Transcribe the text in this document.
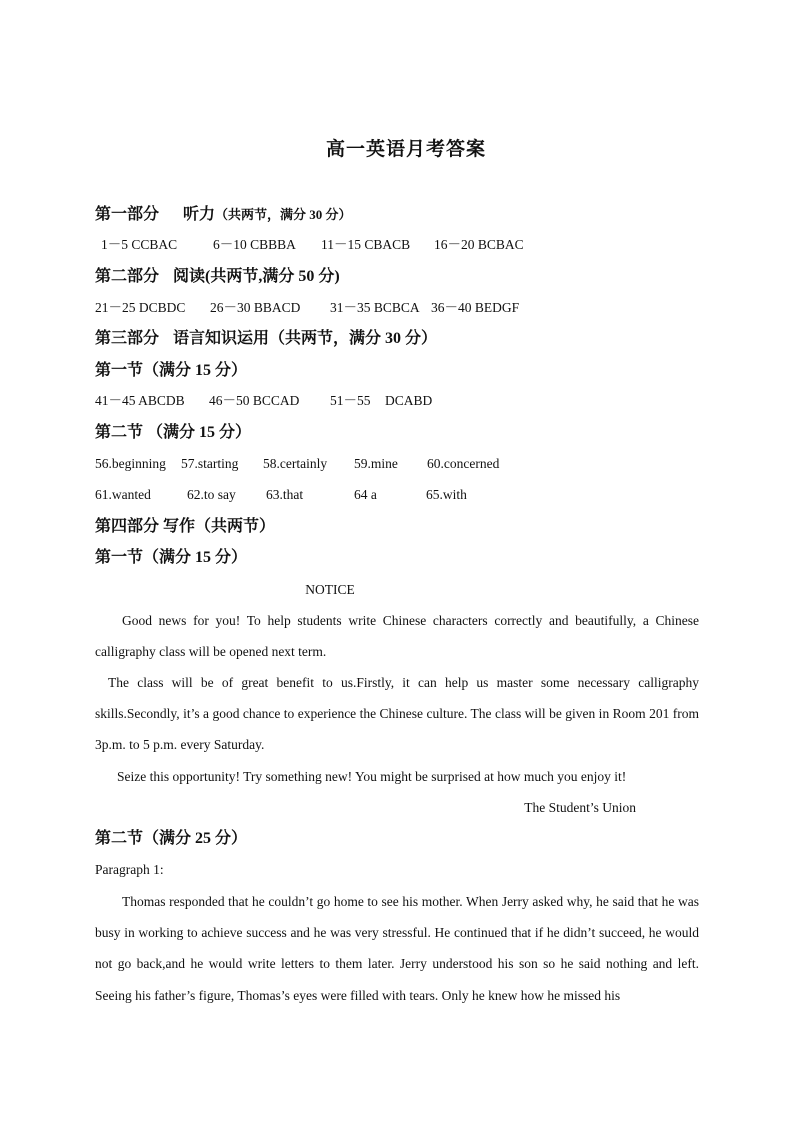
高一英语月考答案
第一部分 听力（共两节，满分 30 分）
1－5 CCBAC	6－10 CBBBA 11－15 CBACB 16－20 BCBAC
第二部分 阅读(共两节,满分 50 分)
21－25 DCBDC 26－30 BBACD 31－35 BCBCA 36－40 BEDGF
第三部分 语言知识运用（共两节，满分 30 分）
第一节（满分 15 分）
41－45 ABCDB 46－50 BCCAD 51－55 DCABD
第二节 （满分 15 分）
56.beginning 57.starting 58.certainly 59.mine 60.concerned
61.wanted	62.to say 63.that	64 a	65.with
第四部分 写作（共两节）
第一节（满分 15 分）
NOTICE
Good news for you! To help students write Chinese characters correctly and beautifully, a Chinese calligraphy class will be opened next term.
The class will be of great benefit to us.Firstly, it can help us master some necessary calligraphy skills.Secondly, it’s a good chance to experience the Chinese culture. The class will be given in Room 201 from 3p.m. to 5 p.m. every Saturday.
Seize this opportunity! Try something new! You might be surprised at how much you enjoy it!
The Student’s Union
第二节（满分 25 分）
Paragraph 1:
Thomas responded that he couldn’t go home to see his mother. When Jerry asked why, he said that he was busy in working to achieve success and he was very stressful. He continued that if he didn’t succeed, he would not go back,and he would write letters to them later. Jerry understood his son so he said nothing and left. Seeing his father’s figure, Thomas’s eyes were filled with tears. Only he knew how he missed his
